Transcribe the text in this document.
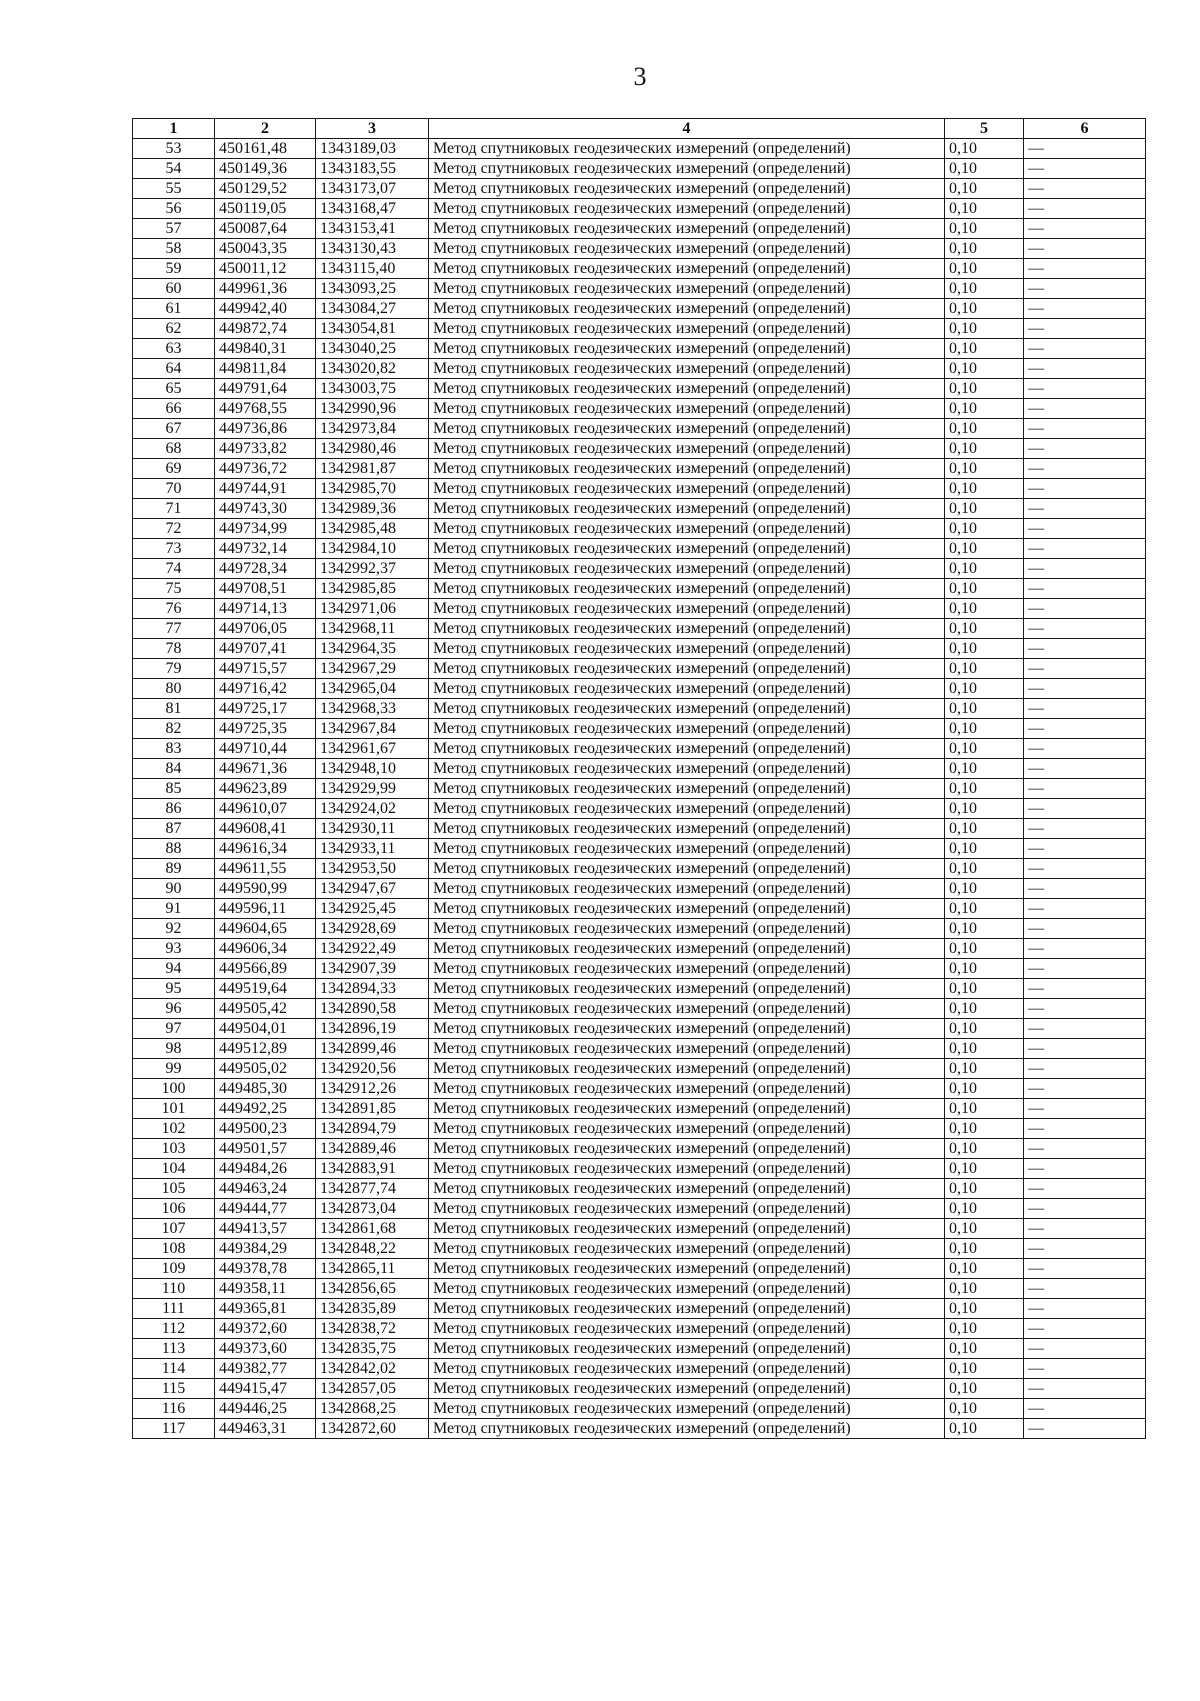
3
1	2	3	4	5	6
53	450161,48	1343189,03	Метод спутниковых геодезических измерений (определений)	0,10	—
54	450149,36	1343183,55	Метод спутниковых геодезических измерений (определений)	0,10	—
55	450129,52	1343173,07	Метод спутниковых геодезических измерений (определений)	0,10	—
56	450119,05	1343168,47	Метод спутниковых геодезических измерений (определений)	0,10	—
57	450087,64	1343153,41	Метод спутниковых геодезических измерений (определений)	0,10	—
58	450043,35	1343130,43	Метод спутниковых геодезических измерений (определений)	0,10	—
59	450011,12	1343115,40	Метод спутниковых геодезических измерений (определений)	0,10	—
60	449961,36	1343093,25	Метод спутниковых геодезических измерений (определений)	0,10	—
61	449942,40	1343084,27	Метод спутниковых геодезических измерений (определений)	0,10	—
62	449872,74	1343054,81	Метод спутниковых геодезических измерений (определений)	0,10	—
63	449840,31	1343040,25	Метод спутниковых геодезических измерений (определений)	0,10	—
64	449811,84	1343020,82	Метод спутниковых геодезических измерений (определений)	0,10	—
65	449791,64	1343003,75	Метод спутниковых геодезических измерений (определений)	0,10	—
66	449768,55	1342990,96	Метод спутниковых геодезических измерений (определений)	0,10	—
67	449736,86	1342973,84	Метод спутниковых геодезических измерений (определений)	0,10	—
68	449733,82	1342980,46	Метод спутниковых геодезических измерений (определений)	0,10	—
69	449736,72	1342981,87	Метод спутниковых геодезических измерений (определений)	0,10	—
70	449744,91	1342985,70	Метод спутниковых геодезических измерений (определений)	0,10	—
71	449743,30	1342989,36	Метод спутниковых геодезических измерений (определений)	0,10	—
72	449734,99	1342985,48	Метод спутниковых геодезических измерений (определений)	0,10	—
73	449732,14	1342984,10	Метод спутниковых геодезических измерений (определений)	0,10	—
74	449728,34	1342992,37	Метод спутниковых геодезических измерений (определений)	0,10	—
75	449708,51	1342985,85	Метод спутниковых геодезических измерений (определений)	0,10	—
76	449714,13	1342971,06	Метод спутниковых геодезических измерений (определений)	0,10	—
77	449706,05	1342968,11	Метод спутниковых геодезических измерений (определений)	0,10	—
78	449707,41	1342964,35	Метод спутниковых геодезических измерений (определений)	0,10	—
79	449715,57	1342967,29	Метод спутниковых геодезических измерений (определений)	0,10	—
80	449716,42	1342965,04	Метод спутниковых геодезических измерений (определений)	0,10	—
81	449725,17	1342968,33	Метод спутниковых геодезических измерений (определений)	0,10	—
82	449725,35	1342967,84	Метод спутниковых геодезических измерений (определений)	0,10	—
83	449710,44	1342961,67	Метод спутниковых геодезических измерений (определений)	0,10	—
84	449671,36	1342948,10	Метод спутниковых геодезических измерений (определений)	0,10	—
85	449623,89	1342929,99	Метод спутниковых геодезических измерений (определений)	0,10	—
86	449610,07	1342924,02	Метод спутниковых геодезических измерений (определений)	0,10	—
87	449608,41	1342930,11	Метод спутниковых геодезических измерений (определений)	0,10	—
88	449616,34	1342933,11	Метод спутниковых геодезических измерений (определений)	0,10	—
89	449611,55	1342953,50	Метод спутниковых геодезических измерений (определений)	0,10	—
90	449590,99	1342947,67	Метод спутниковых геодезических измерений (определений)	0,10	—
91	449596,11	1342925,45	Метод спутниковых геодезических измерений (определений)	0,10	—
92	449604,65	1342928,69	Метод спутниковых геодезических измерений (определений)	0,10	—
93	449606,34	1342922,49	Метод спутниковых геодезических измерений (определений)	0,10	—
94	449566,89	1342907,39	Метод спутниковых геодезических измерений (определений)	0,10	—
95	449519,64	1342894,33	Метод спутниковых геодезических измерений (определений)	0,10	—
96	449505,42	1342890,58	Метод спутниковых геодезических измерений (определений)	0,10	—
97	449504,01	1342896,19	Метод спутниковых геодезических измерений (определений)	0,10	—
98	449512,89	1342899,46	Метод спутниковых геодезических измерений (определений)	0,10	—
99	449505,02	1342920,56	Метод спутниковых геодезических измерений (определений)	0,10	—
100	449485,30	1342912,26	Метод спутниковых геодезических измерений (определений)	0,10	—
101	449492,25	1342891,85	Метод спутниковых геодезических измерений (определений)	0,10	—
102	449500,23	1342894,79	Метод спутниковых геодезических измерений (определений)	0,10	—
103	449501,57	1342889,46	Метод спутниковых геодезических измерений (определений)	0,10	—
104	449484,26	1342883,91	Метод спутниковых геодезических измерений (определений)	0,10	—
105	449463,24	1342877,74	Метод спутниковых геодезических измерений (определений)	0,10	—
106	449444,77	1342873,04	Метод спутниковых геодезических измерений (определений)	0,10	—
107	449413,57	1342861,68	Метод спутниковых геодезических измерений (определений)	0,10	—
108	449384,29	1342848,22	Метод спутниковых геодезических измерений (определений)	0,10	—
109	449378,78	1342865,11	Метод спутниковых геодезических измерений (определений)	0,10	—
110	449358,11	1342856,65	Метод спутниковых геодезических измерений (определений)	0,10	—
111	449365,81	1342835,89	Метод спутниковых геодезических измерений (определений)	0,10	—
112	449372,60	1342838,72	Метод спутниковых геодезических измерений (определений)	0,10	—
113	449373,60	1342835,75	Метод спутниковых геодезических измерений (определений)	0,10	—
114	449382,77	1342842,02	Метод спутниковых геодезических измерений (определений)	0,10	—
115	449415,47	1342857,05	Метод спутниковых геодезических измерений (определений)	0,10	—
116	449446,25	1342868,25	Метод спутниковых геодезических измерений (определений)	0,10	—
117	449463,31	1342872,60	Метод спутниковых геодезических измерений (определений)	0,10	—
